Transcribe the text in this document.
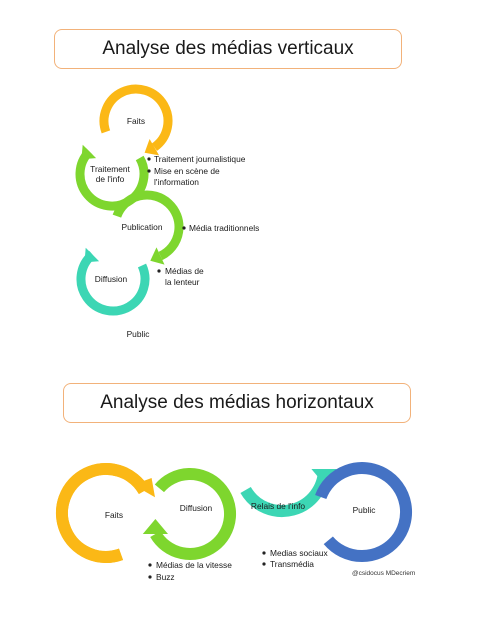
Analyse des médias verticaux
Analyse des médias horizontaux
Faits
Traitement de l'info
Publication
Diffusion
Public
Traitement journalistique
Mise en scène de l'information
Média traditionnels
Médias de la lenteur
Faits
Diffusion	Relais de l'info	Public
Médias de la vitesse
Buzz
Medias sociaux
Transmédia
@csidocus MDecriem
